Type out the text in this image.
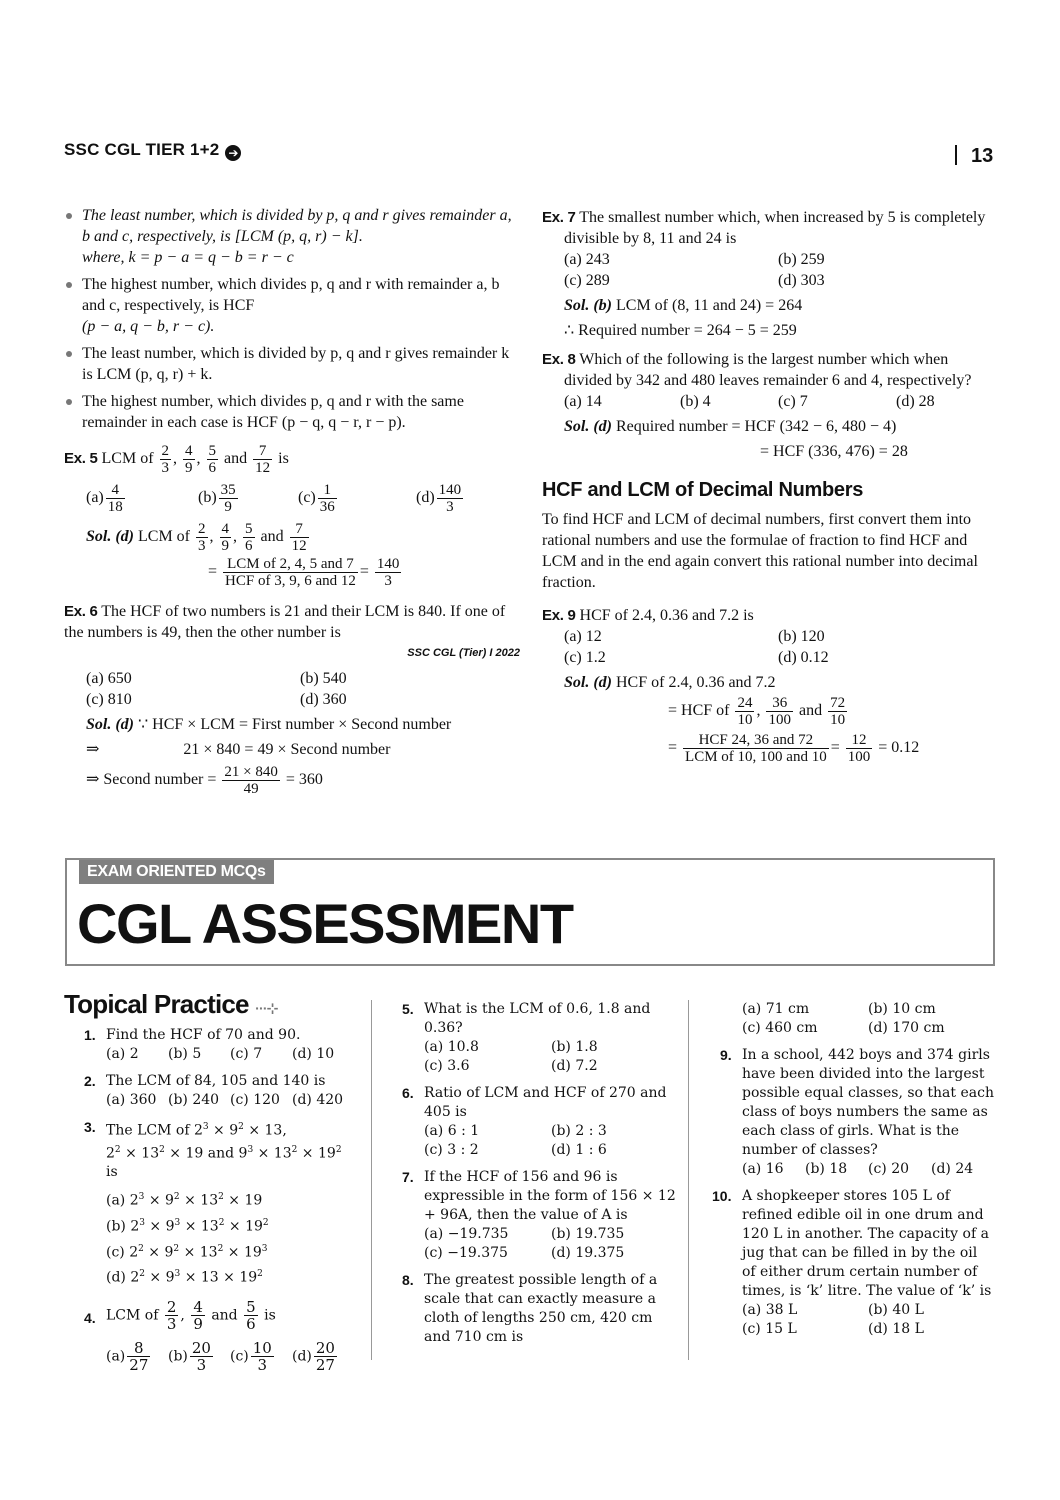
SSC CGL TIER 1+2 ➔	13
The least number, which is divided by p, q and r gives remainder a, b and c, respectively, is [LCM (p, q, r) − k].
where, k = p − a = q − b = r − c
The highest number, which divides p, q and r with remainder a, b and c, respectively, is HCF
(p − a, q − b, r − c).
The least number, which is divided by p, q and r gives remainder k is LCM (p, q, r) + k.
The highest number, which divides p, q and r with the same remainder in each case is HCF (p − q, q − r, r − p).
Ex. 5 LCM of $\frac{2}{3}$ , $\frac{4}{9}$ , $\frac{5}{6}$ and $\frac{7}{12}$ is
$(a) \frac{4}{18}$	$(b) \frac{35}{9}$	$(c) \frac{1}{36}$	$(d) \frac{140}{3}$
Sol. (d) LCM of $\frac{2}{3}$ , $\frac{4}{9}$ , $\frac{5}{6}$ and $\frac{7}{12}$
= $\frac{\text{LCM of 2, 4, 5 and 7}}{\text{HCF of 3, 9, 6 and 12}} = \frac{140}{3}$
Ex. 6 The HCF of two numbers is 21 and their LCM is 840. If one of the numbers is 49, then the other number is
SSC CGL (Tier) I 2022
(a) 650	(b) 540
(c) 810	(d) 360
Sol. (d) ∵ HCF × LCM = First number × Second number
⇒	21 × 840 = 49 × Second number
⇒ Second number = $\frac{21 \times 840}{49} = 360$
Ex. 7 The smallest number which, when increased by 5 is completely divisible by 8, 11 and 24 is
(a) 243	(b) 259
(c) 289	(d) 303
Sol. (b) LCM of (8, 11 and 24) = 264
∴ Required number = 264 − 5 = 259
Ex. 8 Which of the following is the largest number which when divided by 342 and 480 leaves remainder 6 and 4, respectively?
(a) 14	(b) 4	(c) 7	(d) 28
Sol. (d) Required number = HCF (342 − 6, 480 − 4)
= HCF (336, 476) = 28
HCF and LCM of Decimal Numbers
To find HCF and LCM of decimal numbers, first convert them into rational numbers and use the formulae of fraction to find HCF and LCM and in the end again convert this rational number into decimal fraction.
Ex. 9 HCF of 2.4, 0.36 and 7.2 is
(a) 12	(b) 120
(c) 1.2	(d) 0.12
Sol. (d) HCF of 2.4, 0.36 and 7.2
= HCF of $\frac{24}{10}$ , $\frac{36}{100}$ and $\frac{72}{10}$
= $\frac{\text{HCF 24, 36 and 72}}{\text{LCM of 10, 100 and 10}} = \frac{12}{100} = 0.12$
EXAM ORIENTED MCQs
CGL ASSESSMENT
Topical Practice ···⊹
1. Find the HCF of 70 and 90.
(a) 2	(b) 5	(c) 7	(d) 10
2. The LCM of 84, 105 and 140 is
(a) 360 (b) 240 (c) 120 (d) 420
3. The LCM of $2^3 \times 9^2 \times 13$,
$2^2 \times 13^2 \times 19$ and $9^3 \times 13^2 \times 19^2$ is
(a) $2^3 \times 9^2 \times 13^2 \times 19$
(b) $2^3 \times 9^3 \times 13^2 \times 19^2$
(c) $2^2 \times 9^2 \times 13^2 \times 19^3$
(d) $2^2 \times 9^3 \times 13 \times 19^2$
4. LCM of $\frac{2}{3}$ , $\frac{4}{9}$ and $\frac{5}{6}$ is
$(a) \frac{8}{27} (b) \frac{20}{3} (c) \frac{10}{3} (d) \frac{20}{27}$
5. What is the LCM of 0.6, 1.8 and 0.36?
(a) 10.8	(b) 1.8
(c) 3.6	(d) 7.2
6. Ratio of LCM and HCF of 270 and 405 is
(a) 6 : 1	(b) 2 : 3
(c) 3 : 2	(d) 1 : 6
7. If the HCF of 156 and 96 is expressible in the form of 156 × 12 + 96A, then the value of A is
(a) −19.735	(b) 19.735
(c) −19.375	(d) 19.375
8. The greatest possible length of a scale that can exactly measure a cloth of lengths 250 cm, 420 cm and 710 cm is
(a) 71 cm	(b) 10 cm
(c) 460 cm	(d) 170 cm
9. In a school, 442 boys and 374 girls have been divided into the largest possible equal classes, so that each class of boys numbers the same as each class of girls. What is the number of classes?
(a) 16	(b) 18	(c) 20	(d) 24
10. A shopkeeper stores 105 L of refined edible oil in one drum and 120 L in another. The capacity of a jug that can be filled in by the oil of either drum certain number of times, is ‘k’ litre. The value of ‘k’ is
(a) 38 L	(b) 40 L
(c) 15 L	(d) 18 L
